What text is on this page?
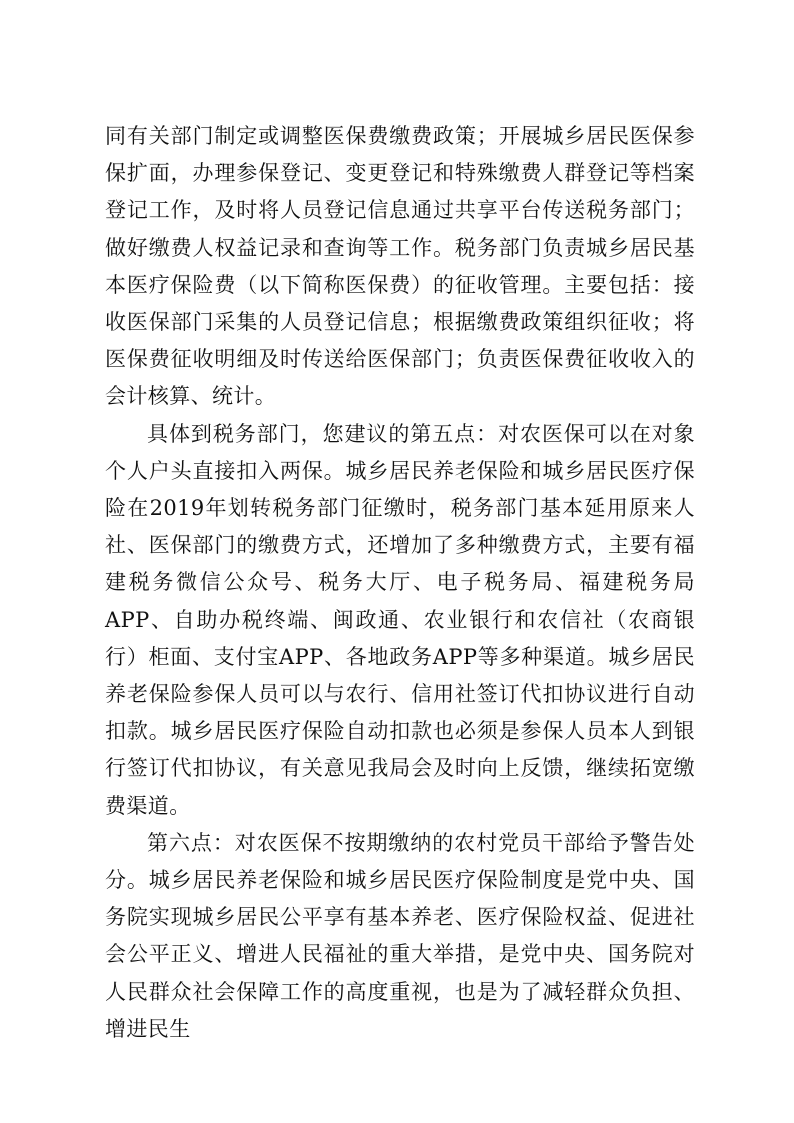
同有关部门制定或调整医保费缴费政策；开展城乡居民医保参保扩面，办理参保登记、变更登记和特殊缴费人群登记等档案登记工作，及时将人员登记信息通过共享平台传送税务部门；做好缴费人权益记录和查询等工作。税务部门负责城乡居民基本医疗保险费（以下简称医保费）的征收管理。主要包括：接收医保部门采集的人员登记信息；根据缴费政策组织征收；将医保费征收明细及时传送给医保部门；负责医保费征收收入的会计核算、统计。

具体到税务部门，您建议的第五点：对农医保可以在对象个人户头直接扣入两保。城乡居民养老保险和城乡居民医疗保险在2019年划转税务部门征缴时，税务部门基本延用原来人社、医保部门的缴费方式，还增加了多种缴费方式，主要有福建税务微信公众号、税务大厅、电子税务局、福建税务局APP、自助办税终端、闽政通、农业银行和农信社（农商银行）柜面、支付宝APP、各地政务APP等多种渠道。城乡居民养老保险参保人员可以与农行、信用社签订代扣协议进行自动扣款。城乡居民医疗保险自动扣款也必须是参保人员本人到银行签订代扣协议，有关意见我局会及时向上反馈，继续拓宽缴费渠道。

第六点：对农医保不按期缴纳的农村党员干部给予警告处分。城乡居民养老保险和城乡居民医疗保险制度是党中央、国务院实现城乡居民公平享有基本养老、医疗保险权益、促进社会公平正义、增进人民福祉的重大举措，是党中央、国务院对人民群众社会保障工作的高度重视，也是为了减轻群众负担、增进民生
